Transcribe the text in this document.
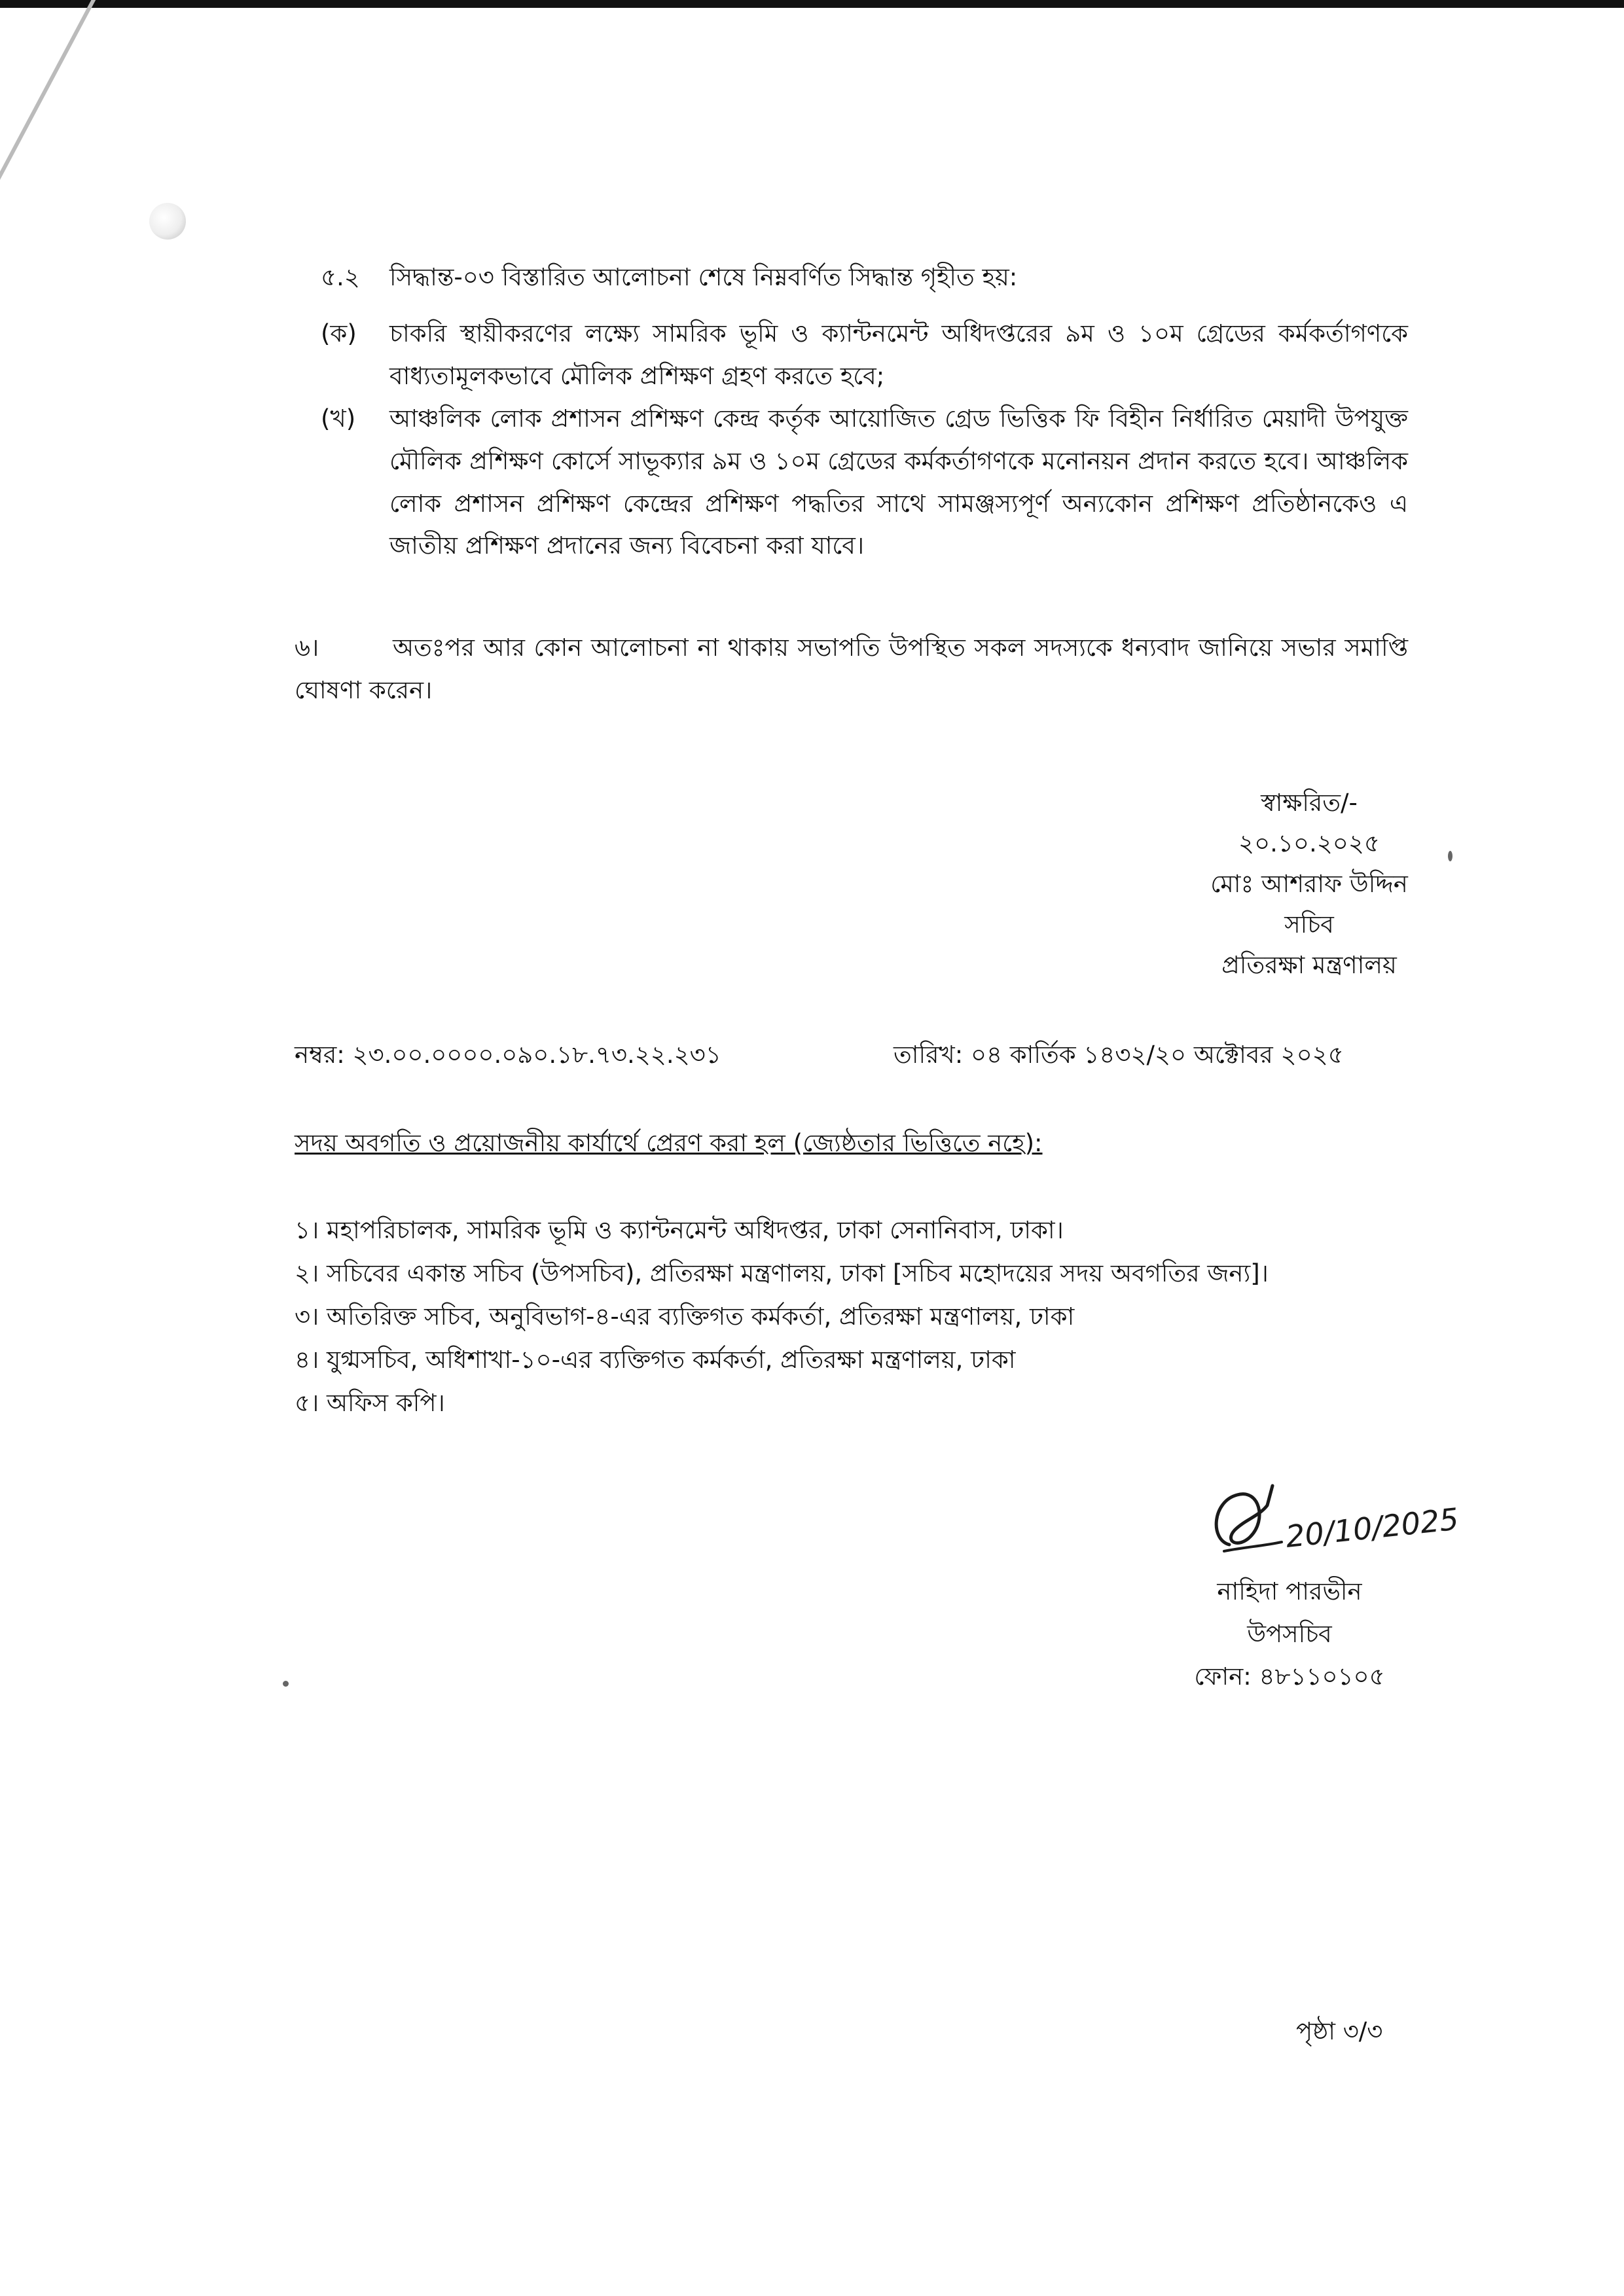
৫.২ সিদ্ধান্ত-০৩ বিস্তারিত আলোচনা শেষে নিম্নবর্ণিত সিদ্ধান্ত গৃহীত হয়:

(ক) চাকরি স্থায়ীকরণের লক্ষ্যে সামরিক ভূমি ও ক্যান্টনমেন্ট অধিদপ্তরের ৯ম ও ১০ম গ্রেডের কর্মকর্তাগণকে বাধ্যতামূলকভাবে মৌলিক প্রশিক্ষণ গ্রহণ করতে হবে;

(খ) আঞ্চলিক লোক প্রশাসন প্রশিক্ষণ কেন্দ্র কর্তৃক আয়োজিত গ্রেড ভিত্তিক ফি বিহীন নির্ধারিত মেয়াদী উপযুক্ত মৌলিক প্রশিক্ষণ কোর্সে সাভূক্যার ৯ম ও ১০ম গ্রেডের কর্মকর্তাগণকে মনোনয়ন প্রদান করতে হবে। আঞ্চলিক লোক প্রশাসন প্রশিক্ষণ কেন্দ্রের প্রশিক্ষণ পদ্ধতির সাথে সামঞ্জস্যপূর্ণ অন্যকোন প্রশিক্ষণ প্রতিষ্ঠানকেও এ জাতীয় প্রশিক্ষণ প্রদানের জন্য বিবেচনা করা যাবে।

৬।	অতঃপর আর কোন আলোচনা না থাকায় সভাপতি উপস্থিত সকল সদস্যকে ধন্যবাদ জানিয়ে সভার সমাপ্তি ঘোষণা করেন।
স্বাক্ষরিত/-
২০.১০.২০২৫
মোঃ আশরাফ উদ্দিন
সচিব
প্রতিরক্ষা মন্ত্রণালয়
নম্বর: ২৩.০০.০০০০.০৯০.১৮.৭৩.২২.২৩১	তারিখ: ০৪ কার্তিক ১৪৩২/২০ অক্টোবর ২০২৫
সদয় অবগতি ও প্রয়োজনীয় কার্যার্থে প্রেরণ করা হল (জ্যেষ্ঠতার ভিত্তিতে নহে):
১। মহাপরিচালক, সামরিক ভূমি ও ক্যান্টনমেন্ট অধিদপ্তর, ঢাকা সেনানিবাস, ঢাকা।
২। সচিবের একান্ত সচিব (উপসচিব), প্রতিরক্ষা মন্ত্রণালয়, ঢাকা [সচিব মহোদয়ের সদয় অবগতির জন্য]।
৩। অতিরিক্ত সচিব, অনুবিভাগ-৪-এর ব্যক্তিগত কর্মকর্তা, প্রতিরক্ষা মন্ত্রণালয়, ঢাকা
৪। যুগ্মসচিব, অধিশাখা-১০-এর ব্যক্তিগত কর্মকর্তা, প্রতিরক্ষা মন্ত্রণালয়, ঢাকা
৫। অফিস কপি।
20/10/2025
নাহিদা পারভীন
উপসচিব
ফোন: ৪৮১১০১০৫
পৃষ্ঠা ৩/৩
